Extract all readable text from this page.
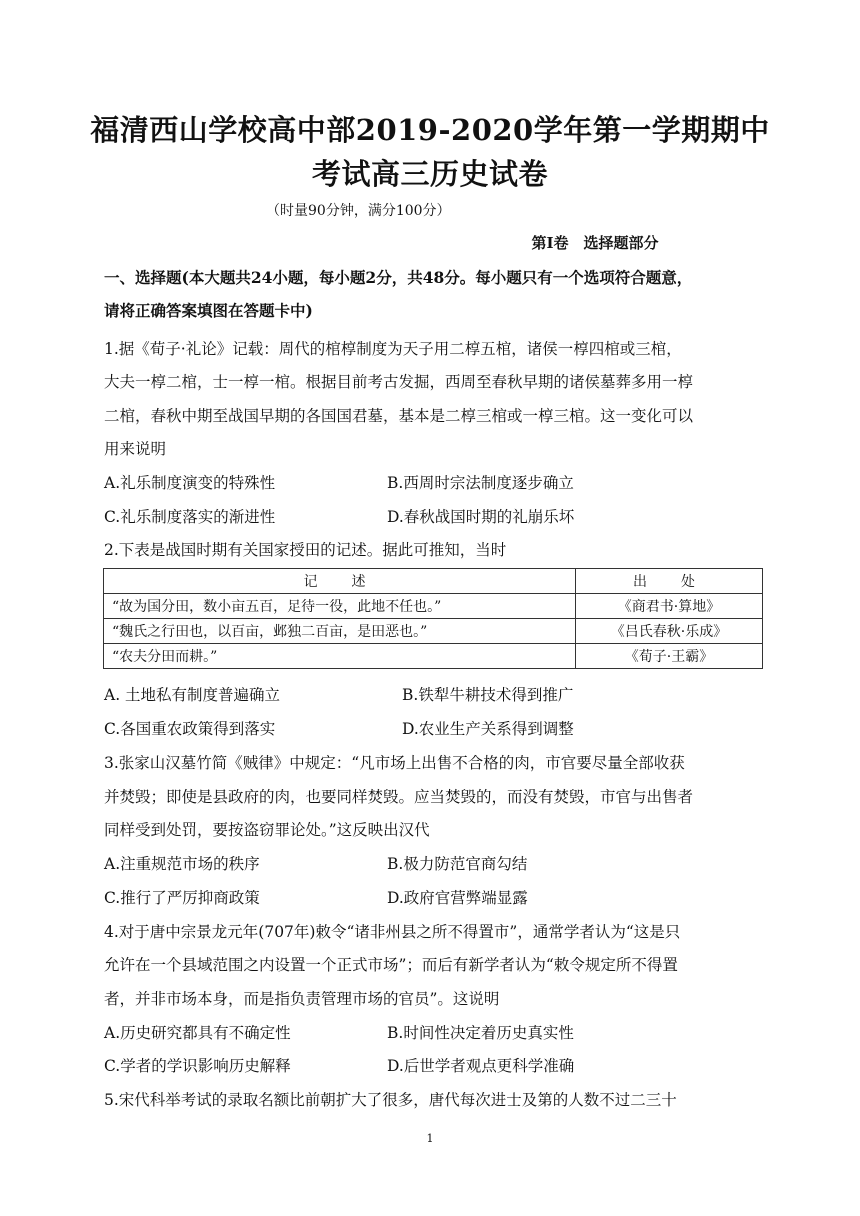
福清西山学校高中部2019-2020学年第一学期期中
考试高三历史试卷
（时量90分钟，满分100分）
第Ⅰ卷　选择题部分
一、选择题(本大题共24小题，每小题2分，共48分。每小题只有一个选项符合题意，
请将正确答案填图在答题卡中)
1.据《荀子·礼论》记载：周代的棺椁制度为天子用二椁五棺，诸侯一椁四棺或三棺，
大夫一椁二棺，士一椁一棺。根据目前考古发掘，西周至春秋早期的诸侯墓葬多用一椁
二棺，春秋中期至战国早期的各国国君墓，基本是二椁三棺或一椁三棺。这一变化可以
用来说明
A.礼乐制度演变的特殊性	B.西周时宗法制度逐步确立
C.礼乐制度落实的渐进性	D.春秋战国时期的礼崩乐坏
2.下表是战国时期有关国家授田的记述。据此可推知，当时
记　述	出　处
“故为国分田，数小亩五百，足待一役，此地不任也。”	《商君书·算地》
“魏氏之行田也，以百亩，邺独二百亩，是田恶也。”	《吕氏春秋·乐成》
“农夫分田而耕。”	《荀子·王霸》
A. 土地私有制度普遍确立	B.铁犁牛耕技术得到推广
C.各国重农政策得到落实	D.农业生产关系得到调整
3.张家山汉墓竹简《贼律》中规定：“凡市场上出售不合格的肉，市官要尽量全部收获
并焚毁；即使是县政府的肉，也要同样焚毁。应当焚毁的，而没有焚毁，市官与出售者
同样受到处罚，要按盗窃罪论处。”这反映出汉代
A.注重规范市场的秩序	B.极力防范官商勾结
C.推行了严厉抑商政策	D.政府官营弊端显露
4.对于唐中宗景龙元年(707年)敕令“诸非州县之所不得置市”，通常学者认为“这是只
允许在一个县域范围之内设置一个正式市场”；而后有新学者认为“敕令规定所不得置
者，并非市场本身，而是指负责管理市场的官员”。这说明
A.历史研究都具有不确定性	B.时间性决定着历史真实性
C.学者的学识影响历史解释	D.后世学者观点更科学准确
5.宋代科举考试的录取名额比前朝扩大了很多，唐代每次进士及第的人数不过二三十
1
